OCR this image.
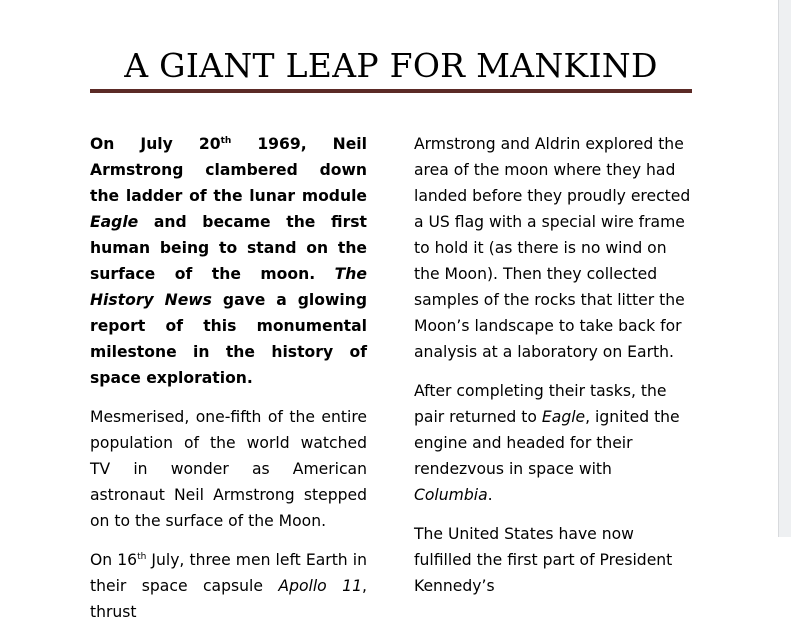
A GIANT LEAP FOR MANKIND

On July 20th 1969, Neil Armstrong clambered down the ladder of the lunar module Eagle and became the first human being to stand on the surface of the moon. The History News gave a glowing report of this monumental milestone in the history of space exploration.

Mesmerised, one-fifth of the entire population of the world watched TV in wonder as American astronaut Neil Armstrong stepped on to the surface of the Moon.

On 16th July, three men left Earth in their space capsule Apollo 11, thrust

Armstrong and Aldrin explored the area of the moon where they had landed before they proudly erected a US flag with a special wire frame to hold it (as there is no wind on the Moon). Then they collected samples of the rocks that litter the Moon’s landscape to take back for analysis at a laboratory on Earth.

After completing their tasks, the pair returned to Eagle, ignited the engine and headed for their rendezvous in space with Columbia.

The United States have now fulfilled the first part of President Kennedy’s
